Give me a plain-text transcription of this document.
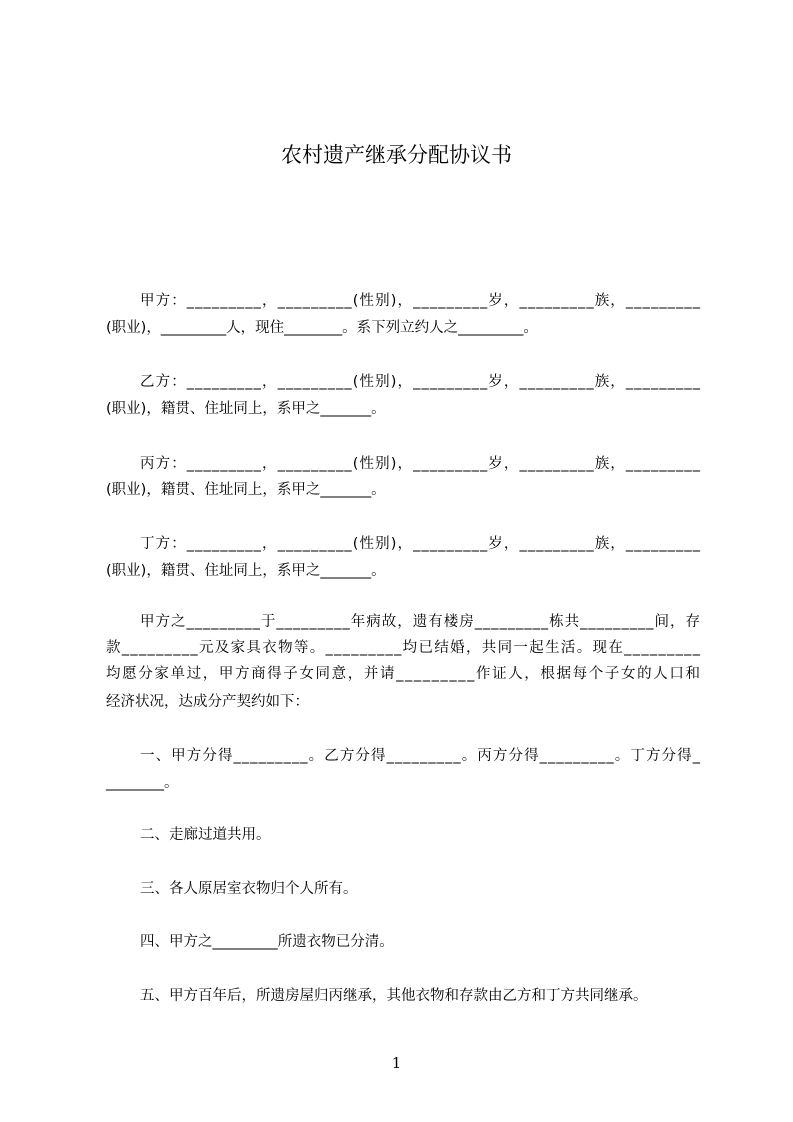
农村遗产继承分配协议书
甲方：_________，_________(性别)，_________岁，_________族，_________
(职业)，_________人，现住________。系下列立约人之_________。
乙方：_________，_________(性别)，_________岁，_________族，_________
(职业)，籍贯、住址同上，系甲之_______。
丙方：_________，_________(性别)，_________岁，_________族，_________
(职业)，籍贯、住址同上，系甲之_______。
丁方：_________，_________(性别)，_________岁，_________族，_________
(职业)，籍贯、住址同上，系甲之_______。
甲方之_________于_________年病故，遗有楼房_________栋共_________间，存
款_________元及家具衣物等。_________均已结婚，共同一起生活。现在_________
均愿分家单过，甲方商得子女同意，并请_________作证人，根据每个子女的人口和
经济状况，达成分产契约如下：
一、甲方分得_________。乙方分得_________。丙方分得_________。丁方分得_
________。
二、走廊过道共用。
三、各人原居室衣物归个人所有。
四、甲方之_________所遗衣物已分清。
五、甲方百年后，所遗房屋归丙继承，其他衣物和存款由乙方和丁方共同继承。
1
